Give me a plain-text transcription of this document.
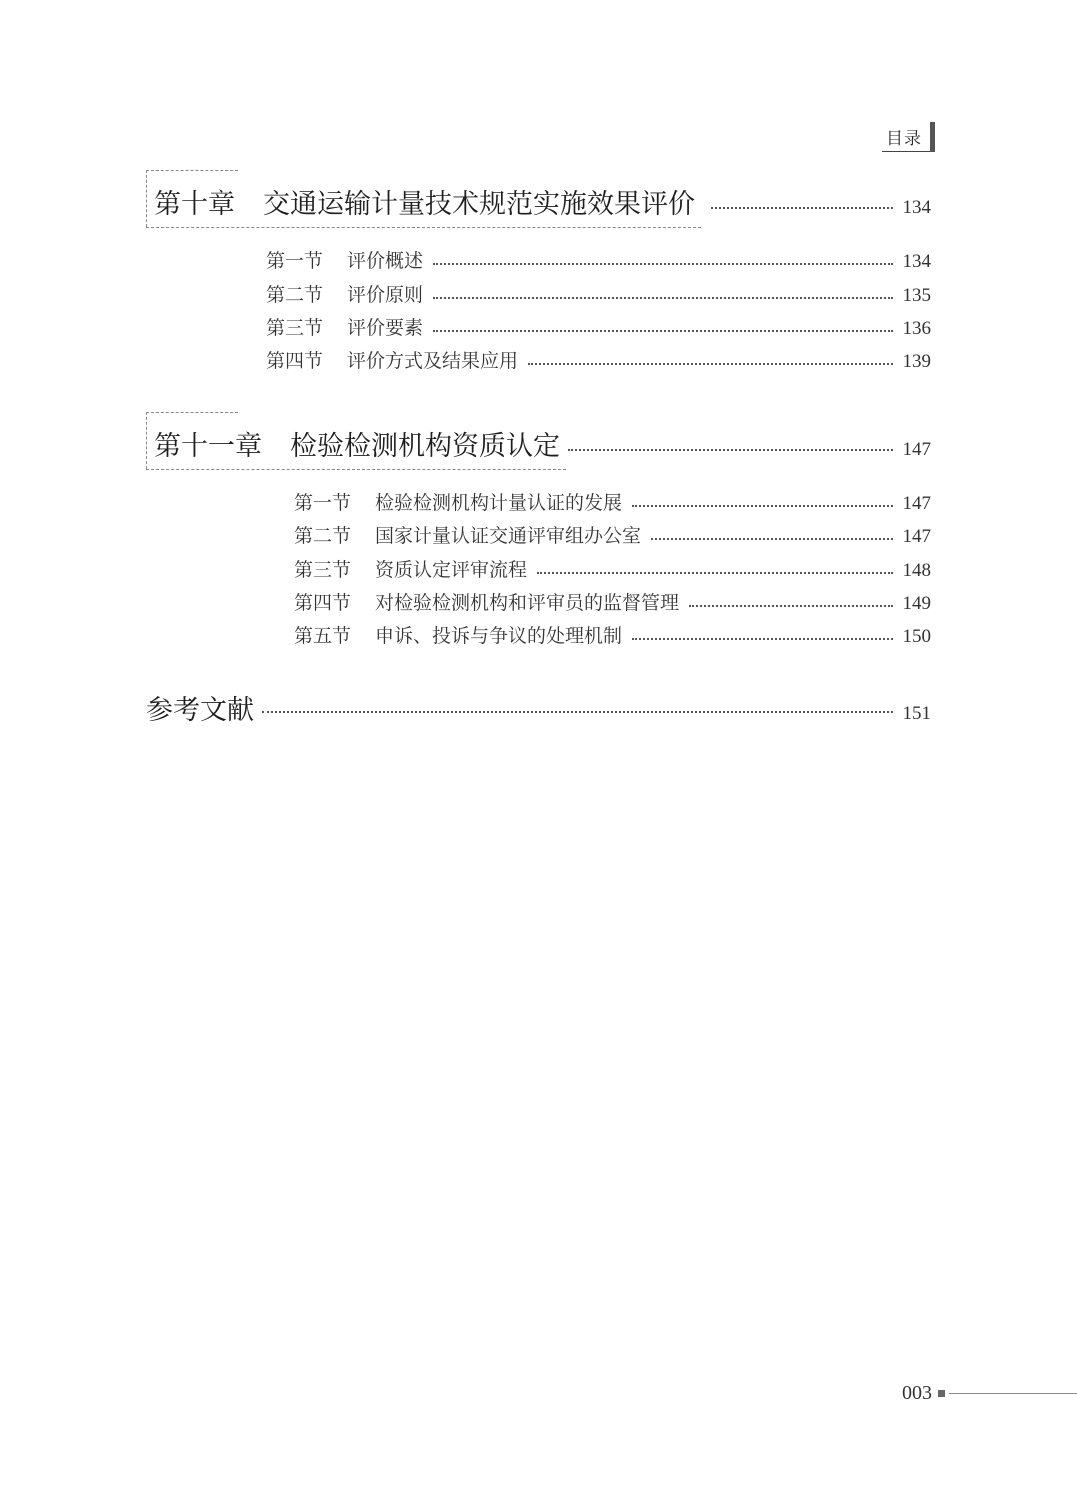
目录
第十章 交通运输计量技术规范实施效果评价	134
第一节 评价概述	134
第二节 评价原则	135
第三节 评价要素	136
第四节 评价方式及结果应用	139
第十一章 检验检测机构资质认定	147
第一节 检验检测机构计量认证的发展	147
第二节 国家计量认证交通评审组办公室	147
第三节 资质认定评审流程	148
第四节 对检验检测机构和评审员的监督管理	149
第五节 申诉、投诉与争议的处理机制	150
参考文献	151
003
